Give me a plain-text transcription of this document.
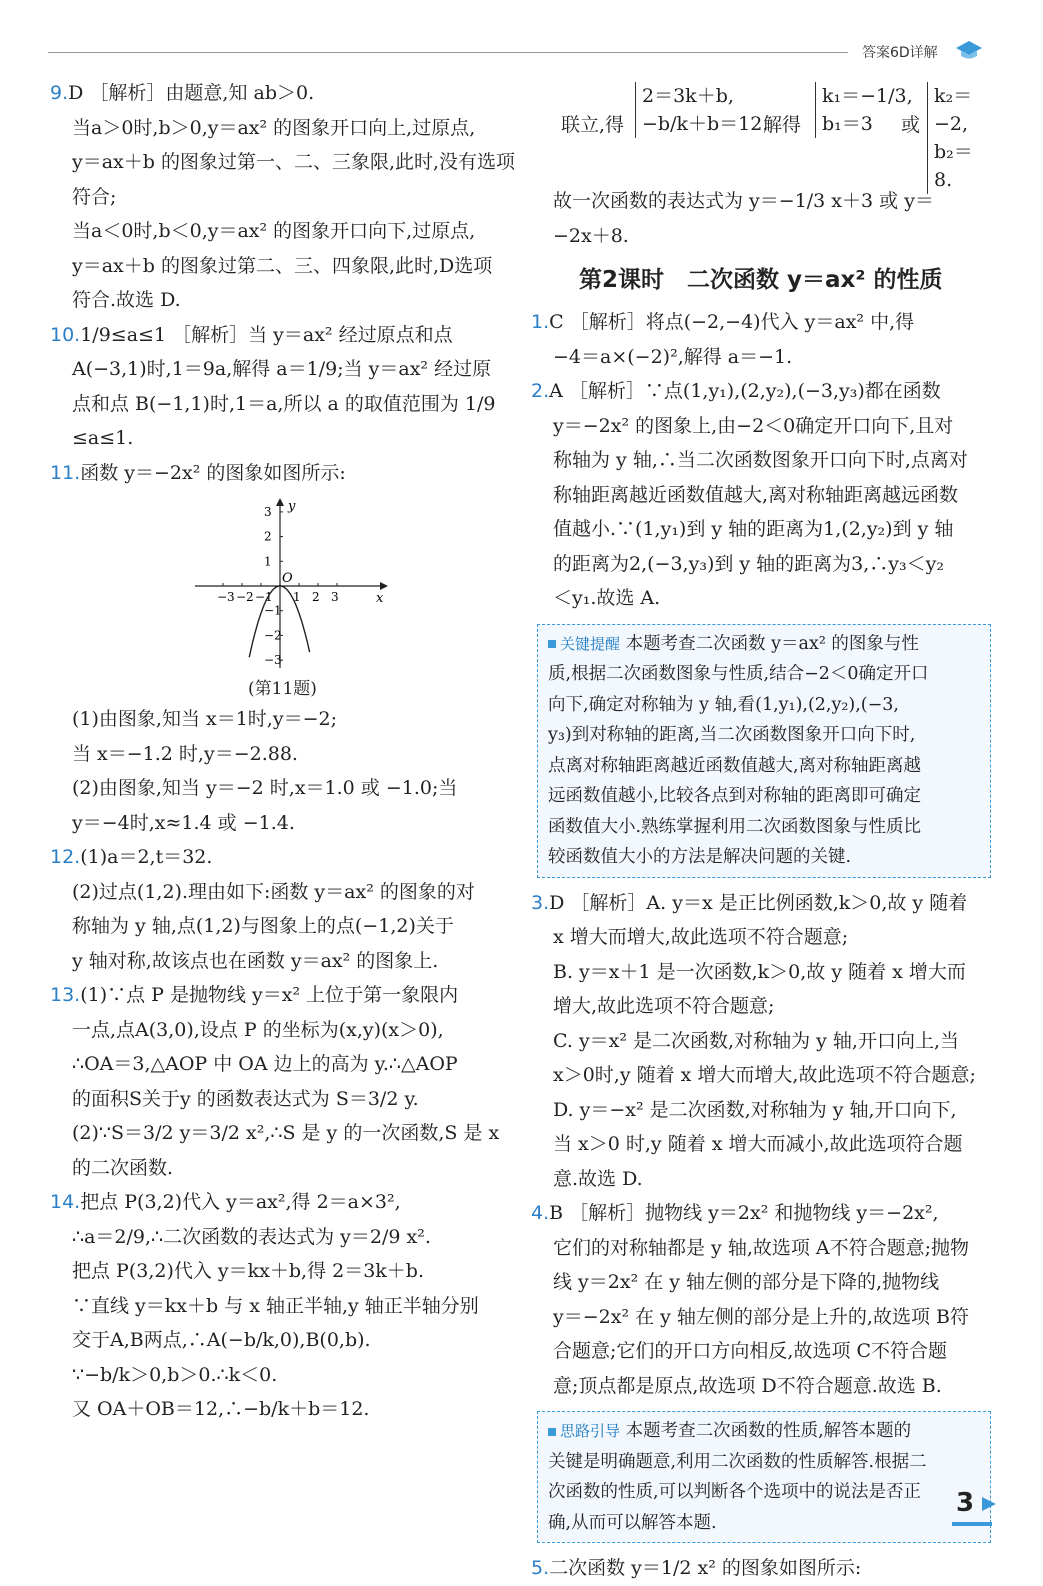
答案6D详解
9.D ［解析］由题意,知 ab＞0.
当a＞0时,b＞0,y＝ax² 的图象开口向上,过原点,
y＝ax＋b 的图象过第一、二、三象限,此时,没有选项
符合;
当a＜0时,b＜0,y＝ax² 的图象开口向下,过原点,
y＝ax＋b 的图象过第二、三、四象限,此时,D选项
符合.故选 D.
10.1/9≤a≤1 ［解析］当 y＝ax² 经过原点和点
A(−3,1)时,1＝9a,解得 a＝1/9;当 y＝ax² 经过原
点和点 B(−1,1)时,1＝a,所以 a 的取值范围为 1/9
≤a≤1.
11.函数 y＝−2x² 的图象如图所示:
x
y
O
−3 −2 −1 1 2 3
3
2
1
−1
−2
−3
(第11题)
(1)由图象,知当 x＝1时,y＝−2;
当 x＝−1.2 时,y＝−2.88.
(2)由图象,知当 y＝−2 时,x＝1.0 或 −1.0;当
y＝−4时,x≈1.4 或 −1.4.
12.(1)a＝2,t＝32.
(2)过点(1,2).理由如下:函数 y＝ax² 的图象的对
称轴为 y 轴,点(1,2)与图象上的点(−1,2)关于
y 轴对称,故该点也在函数 y＝ax² 的图象上.
13.(1)∵点 P 是抛物线 y＝x² 上位于第一象限内
一点,点A(3,0),设点 P 的坐标为(x,y)(x＞0),
∴OA＝3,△AOP 中 OA 边上的高为 y.∴△AOP
的面积S关于y 的函数表达式为 S＝3/2 y.
(2)∵S＝3/2 y＝3/2 x²,∴S 是 y 的一次函数,S 是 x
的二次函数.
14.把点 P(3,2)代入 y＝ax²,得 2＝a×3²,
∴a＝2/9,∴二次函数的表达式为 y＝2/9 x².
把点 P(3,2)代入 y＝kx＋b,得 2＝3k＋b.
∵直线 y＝kx＋b 与 x 轴正半轴,y 轴正半轴分别
交于A,B两点,∴A(−b/k,0),B(0,b).
∵−b/k＞0,b＞0.∴k＜0.
又 OA＋OB＝12,∴−b/k＋b＝12.
联立,得
2＝3k＋b,
−b/k＋b＝12.
解得
k₁＝−1/3,
b₁＝3	或
k₂＝−2,
b₂＝8.
故一次函数的表达式为 y＝−1/3 x＋3 或 y＝
−2x＋8.
第2课时　二次函数 y＝ax² 的性质
1.C ［解析］将点(−2,−4)代入 y＝ax² 中,得
−4＝a×(−2)²,解得 a＝−1.
2.A ［解析］∵点(1,y₁),(2,y₂),(−3,y₃)都在函数
y＝−2x² 的图象上,由−2＜0确定开口向下,且对
称轴为 y 轴,∴当二次函数图象开口向下时,点离对
称轴距离越近函数值越大,离对称轴距离越远函数
值越小.∵(1,y₁)到 y 轴的距离为1,(2,y₂)到 y 轴
的距离为2,(−3,y₃)到 y 轴的距离为3,∴y₃＜y₂
＜y₁.故选 A.
关键提醒 本题考查二次函数 y＝ax² 的图象与性
质,根据二次函数图象与性质,结合−2＜0确定开口
向下,确定对称轴为 y 轴,看(1,y₁),(2,y₂),(−3,
y₃)到对称轴的距离,当二次函数图象开口向下时,
点离对称轴距离越近函数值越大,离对称轴距离越
远函数值越小,比较各点到对称轴的距离即可确定
函数值大小.熟练掌握利用二次函数图象与性质比
较函数值大小的方法是解决问题的关键.
3.D ［解析］A. y＝x 是正比例函数,k＞0,故 y 随着
x 增大而增大,故此选项不符合题意;
B. y＝x＋1 是一次函数,k＞0,故 y 随着 x 增大而
增大,故此选项不符合题意;
C. y＝x² 是二次函数,对称轴为 y 轴,开口向上,当
x＞0时,y 随着 x 增大而增大,故此选项不符合题意;
D. y＝−x² 是二次函数,对称轴为 y 轴,开口向下,
当 x＞0 时,y 随着 x 增大而减小,故此选项符合题
意.故选 D.
4.B ［解析］抛物线 y＝2x² 和抛物线 y＝−2x²,
它们的对称轴都是 y 轴,故选项 A不符合题意;抛物
线 y＝2x² 在 y 轴左侧的部分是下降的,抛物线
y＝−2x² 在 y 轴左侧的部分是上升的,故选项 B符
合题意;它们的开口方向相反,故选项 C不符合题
意;顶点都是原点,故选项 D不符合题意.故选 B.
思路引导 本题考查二次函数的性质,解答本题的
关键是明确题意,利用二次函数的性质解答.根据二
次函数的性质,可以判断各个选项中的说法是否正
确,从而可以解答本题.
5.二次函数 y＝1/2 x² 的图象如图所示:
3
